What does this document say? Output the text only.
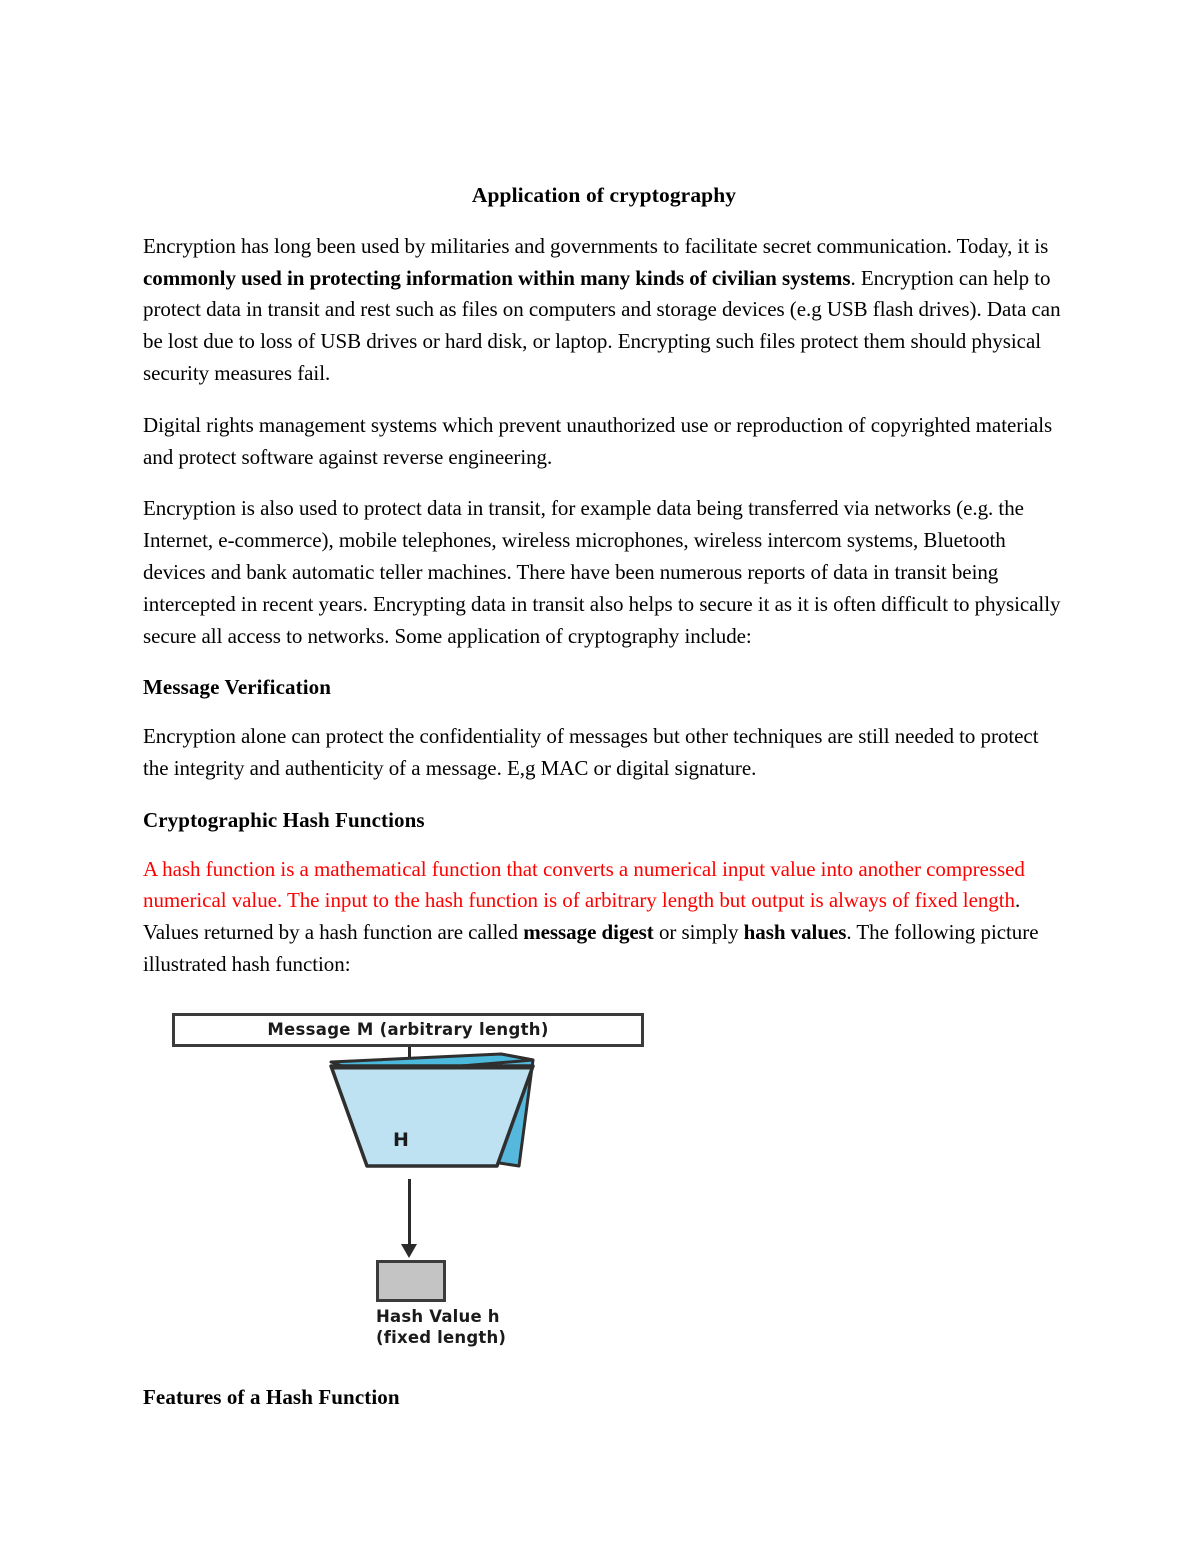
Application of cryptography

Encryption has long been used by militaries and governments to facilitate secret communication. Today, it is commonly used in protecting information within many kinds of civilian systems. Encryption can help to protect data in transit and rest such as files on computers and storage devices (e.g USB flash drives). Data can be lost due to loss of USB drives or hard disk, or laptop. Encrypting such files protect them should physical security measures fail.

Digital rights management systems which prevent unauthorized use or reproduction of copyrighted materials and protect software against reverse engineering.

Encryption is also used to protect data in transit, for example data being transferred via networks (e.g. the Internet, e-commerce), mobile telephones, wireless microphones, wireless intercom systems, Bluetooth devices and bank automatic teller machines. There have been numerous reports of data in transit being intercepted in recent years. Encrypting data in transit also helps to secure it as it is often difficult to physically secure all access to networks. Some application of cryptography include:

Message Verification

Encryption alone can protect the confidentiality of messages but other techniques are still needed to protect the integrity and authenticity of a message. E,g MAC or digital signature.

Cryptographic Hash Functions

A hash function is a mathematical function that converts a numerical input value into another compressed numerical value. The input to the hash function is of arbitrary length but output is always of fixed length. Values returned by a hash function are called message digest or simply hash values. The following picture illustrated hash function:

Message M (arbitrary length)
H
Hash Value h
(fixed length)
Features of a Hash Function
